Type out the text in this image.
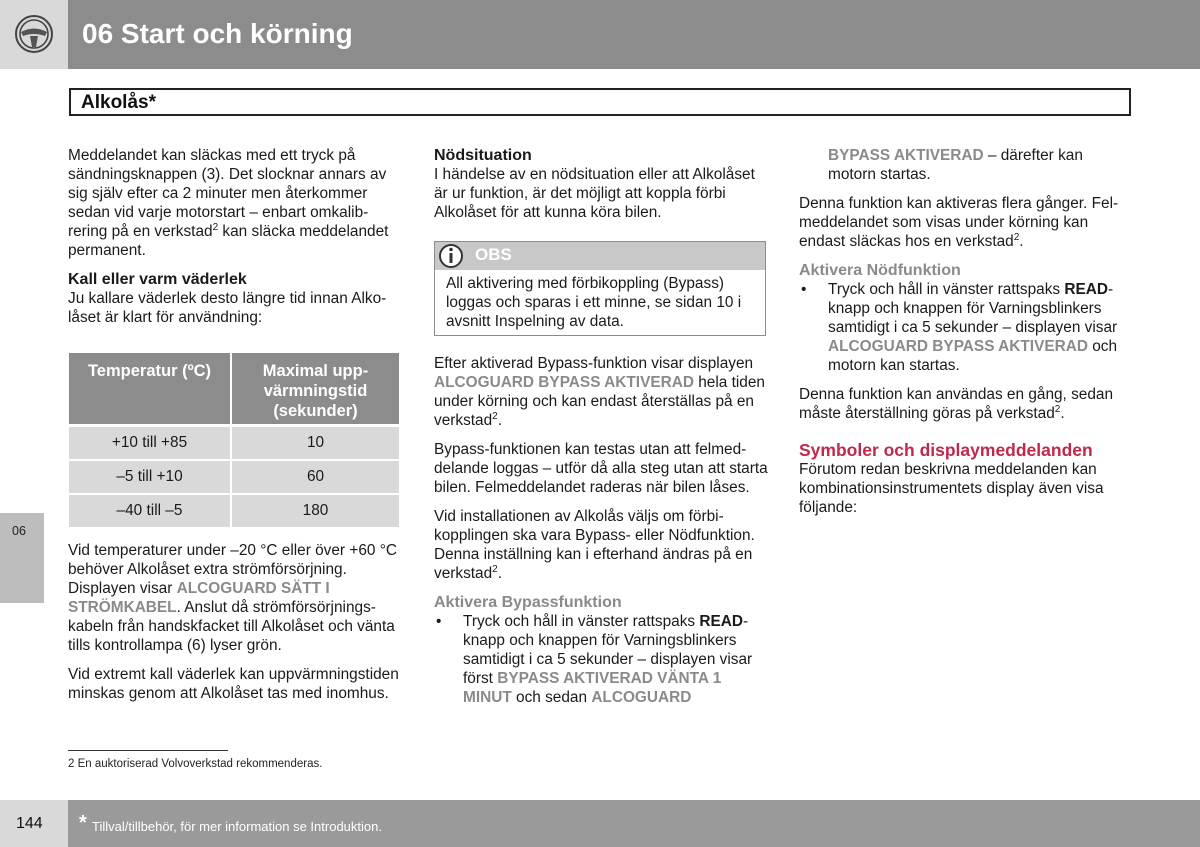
06 Start och körning
Alkolås*

Meddelandet kan släckas med ett tryck på sändningsknappen (3). Det slocknar annars av sig själv efter ca 2 minuter men återkommer sedan vid varje motorstart – enbart omkalibrering på en verkstad$^2$ kan släcka meddelandet permanent.

Kall eller varm väderlek

Ju kallare väderlek desto längre tid innan Alkolåset är klart för användning:

Temperatur (ºC)	Maximal uppvärmningstid (sekunder)
+10 till +85	10
–5 till +10	60
–40 till –5	180

Vid temperaturer under –20 °C eller över +60 °C behöver Alkolåset extra strömförsörjning. Displayen visar ALCOGUARD SÄTT I STRÖMKABEL. Anslut då strömförsörjningskabeln från handskfacket till Alkolåset och vänta tills kontrollampa (6) lyser grön.

Vid extremt kall väderlek kan uppvärmningstiden minskas genom att Alkolåset tas med inomhus.

Nödsituation

I händelse av en nödsituation eller att Alkolåset är ur funktion, är det möjligt att koppla förbi Alkolåset för att kunna köra bilen.

OBS
All aktivering med förbikoppling (Bypass) loggas och sparas i ett minne, se sidan 10 i avsnitt Inspelning av data.

Efter aktiverad Bypass-funktion visar displayen ALCOGUARD BYPASS AKTIVERAD hela tiden under körning och kan endast återställas på en verkstad$^2$.

Bypass-funktionen kan testas utan att felmeddelande loggas – utför då alla steg utan att starta bilen. Felmeddelandet raderas när bilen låses.

Vid installationen av Alkolås väljs om förbikopplingen ska vara Bypass- eller Nödfunktion. Denna inställning kan i efterhand ändras på en verkstad$^2$.

Aktivera Bypassfunktion
• Tryck och håll in vänster rattspaks READ-knapp och knappen för Varningsblinkers samtidigt i ca 5 sekunder – displayen visar först BYPASS AKTIVERAD VÄNTA 1 MINUT och sedan ALCOGUARD

BYPASS AKTIVERAD – därefter kan motorn startas.

Denna funktion kan aktiveras flera gånger. Felmeddelandet som visas under körning kan endast släckas hos en verkstad$^2$.

Aktivera Nödfunktion

• Tryck och håll in vänster rattspaks READ-knapp och knappen för Varningsblinkers samtidigt i ca 5 sekunder – displayen visar ALCOGUARD BYPASS AKTIVERAD och motorn kan startas.

Denna funktion kan användas en gång, sedan måste återställning göras på verkstad$^2$.

Symboler och displaymeddelanden

Förutom redan beskrivna meddelanden kan kombinationsinstrumentets display även visa följande:

06
2 En auktoriserad Volvoverkstad rekommenderas.
144 * Tillval/tillbehör, för mer information se Introduktion.
